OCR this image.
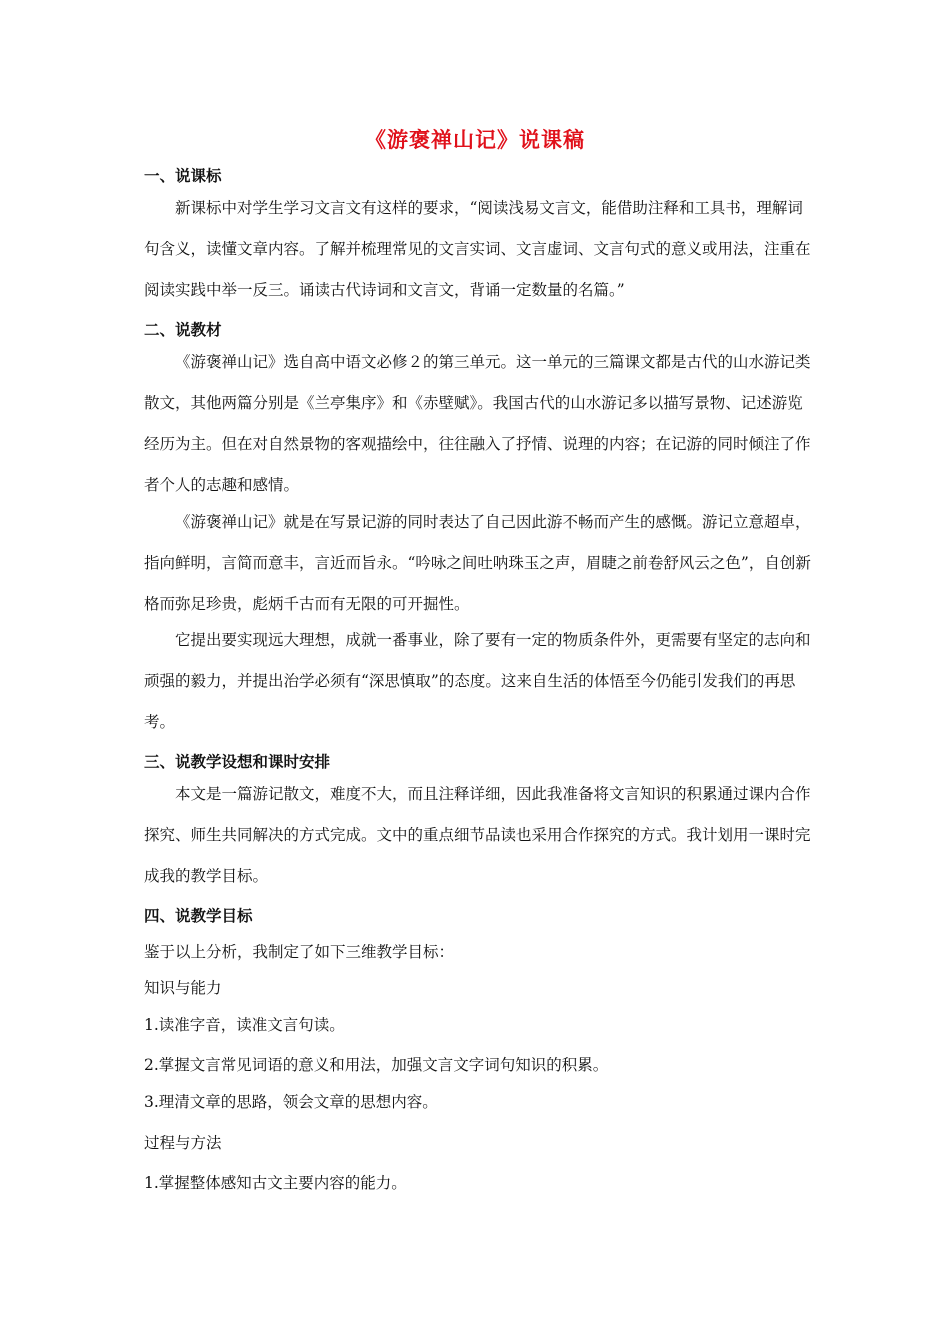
《游褒禅山记》说课稿
一、说课标
新课标中对学生学习文言文有这样的要求，“阅读浅易文言文，能借助注释和工具书，理解词句含义，读懂文章内容。了解并梳理常见的文言实词、文言虚词、文言句式的意义或用法，注重在阅读实践中举一反三。诵读古代诗词和文言文，背诵一定数量的名篇。”
二、说教材
《游褒禅山记》选自高中语文必修２的第三单元。这一单元的三篇课文都是古代的山水游记类散文，其他两篇分别是《兰亭集序》和《赤壁赋》。我国古代的山水游记多以描写景物、记述游览经历为主。但在对自然景物的客观描绘中，往往融入了抒情、说理的内容；在记游的同时倾注了作者个人的志趣和感情。
《游褒禅山记》就是在写景记游的同时表达了自己因此游不畅而产生的感慨。游记立意超卓，指向鲜明，言简而意丰，言近而旨永。“吟咏之间吐呐珠玉之声，眉睫之前卷舒风云之色”，自创新格而弥足珍贵，彪炳千古而有无限的可开掘性。
它提出要实现远大理想，成就一番事业，除了要有一定的物质条件外，更需要有坚定的志向和顽强的毅力，并提出治学必须有“深思慎取”的态度。这来自生活的体悟至今仍能引发我们的再思考。
三、说教学设想和课时安排
本文是一篇游记散文，难度不大，而且注释详细，因此我准备将文言知识的积累通过课内合作探究、师生共同解决的方式完成。文中的重点细节品读也采用合作探究的方式。我计划用一课时完成我的教学目标。
四、说教学目标
鉴于以上分析，我制定了如下三维教学目标：
知识与能力
1.读准字音，读准文言句读。
2.掌握文言常见词语的意义和用法，加强文言文字词句知识的积累。
3.理清文章的思路，领会文章的思想内容。
过程与方法
1.掌握整体感知古文主要内容的能力。
